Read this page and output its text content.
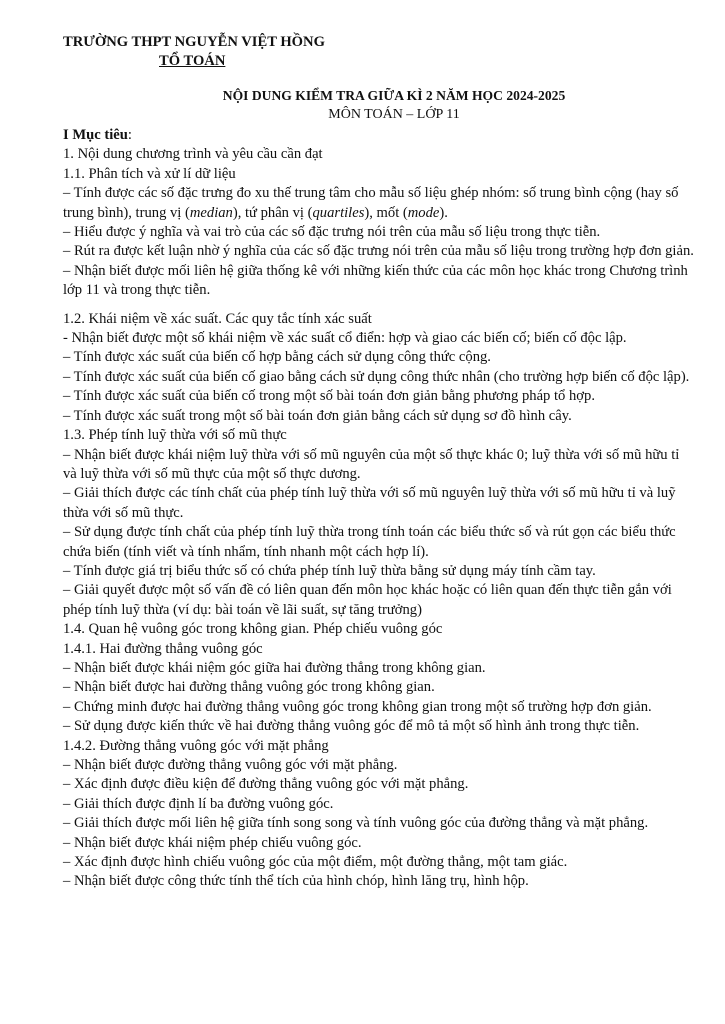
TRƯỜNG THPT NGUYỄN VIỆT HỒNG

TỔ TOÁN

NỘI DUNG KIỂM TRA GIỮA KÌ 2 NĂM HỌC 2024-2025

MÔN TOÁN – LỚP 11

I Mục tiêu:

1. Nội dung chương trình và yêu cầu cần đạt

1.1. Phân tích và xử lí dữ liệu

– Tính được các số đặc trưng đo xu thế trung tâm cho mẫu số liệu ghép nhóm: số trung bình cộng (hay số trung bình), trung vị (median), tứ phân vị (quartiles), mốt (mode).

– Hiểu được ý nghĩa và vai trò của các số đặc trưng nói trên của mẫu số liệu trong thực tiễn.

– Rút ra được kết luận nhờ ý nghĩa của các số đặc trưng nói trên của mẫu số liệu trong trường hợp đơn giản.

– Nhận biết được mối liên hệ giữa thống kê với những kiến thức của các môn học khác trong Chương trình lớp 11 và trong thực tiễn.

1.2. Khái niệm về xác suất. Các quy tắc tính xác suất

- Nhận biết được một số khái niệm về xác suất cổ điển: hợp và giao các biến cố; biến cố độc lập.

– Tính được xác suất của biến cố hợp bằng cách sử dụng công thức cộng.

– Tính được xác suất của biến cố giao bằng cách sử dụng công thức nhân (cho trường hợp biến cố độc lập).

– Tính được xác suất của biến cố trong một số bài toán đơn giản bằng phương pháp tổ hợp.

– Tính được xác suất trong một số bài toán đơn giản bằng cách sử dụng sơ đồ hình cây.

1.3. Phép tính luỹ thừa với số mũ thực

– Nhận biết được khái niệm luỹ thừa với số mũ nguyên của một số thực khác 0; luỹ thừa với số mũ hữu tỉ và luỹ thừa với số mũ thực của một số thực dương.

– Giải thích được các tính chất của phép tính luỹ thừa với số mũ nguyên luỹ thừa với số mũ hữu tỉ và luỹ thừa với số mũ thực.

– Sử dụng được tính chất của phép tính luỹ thừa trong tính toán các biểu thức số và rút gọn các biểu thức chứa biến (tính viết và tính nhẩm, tính nhanh một cách hợp lí).

– Tính được giá trị biểu thức số có chứa phép tính luỹ thừa bằng sử dụng máy tính cầm tay.

– Giải quyết được một số vấn đề có liên quan đến môn học khác hoặc có liên quan đến thực tiễn gắn với phép tính luỹ thừa (ví dụ: bài toán về lãi suất, sự tăng trưởng)

1.4. Quan hệ vuông góc trong không gian. Phép chiếu vuông góc

1.4.1. Hai đường thẳng vuông góc

– Nhận biết được khái niệm góc giữa hai đường thẳng trong không gian.

– Nhận biết được hai đường thẳng vuông góc trong không gian.

– Chứng minh được hai đường thẳng vuông góc trong không gian trong một số trường hợp đơn giản.

– Sử dụng được kiến thức về hai đường thẳng vuông góc để mô tả một số hình ảnh trong thực tiễn.

1.4.2. Đường thẳng vuông góc với mặt phẳng

– Nhận biết được đường thẳng vuông góc với mặt phẳng.

– Xác định được điều kiện để đường thẳng vuông góc với mặt phẳng.

– Giải thích được định lí ba đường vuông góc.

– Giải thích được mối liên hệ giữa tính song song và tính vuông góc của đường thẳng và mặt phẳng.

– Nhận biết được khái niệm phép chiếu vuông góc.

– Xác định được hình chiếu vuông góc của một điểm, một đường thẳng, một tam giác.

– Nhận biết được công thức tính thể tích của hình chóp, hình lăng trụ, hình hộp.
